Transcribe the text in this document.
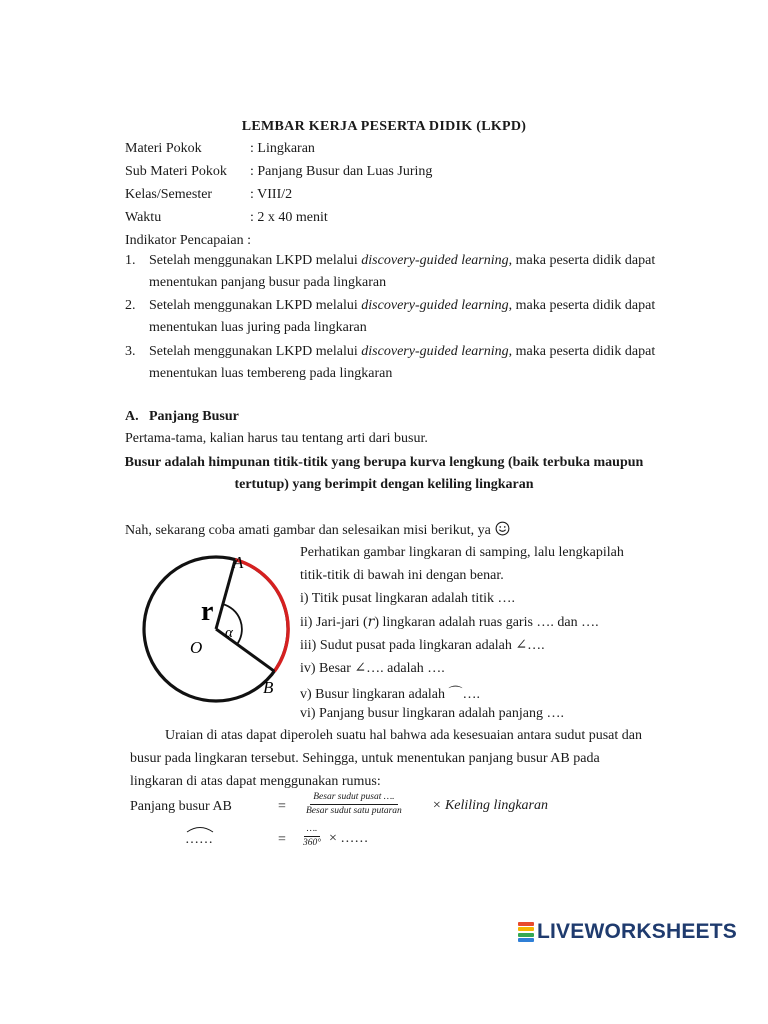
LEMBAR KERJA PESERTA DIDIK (LKPD)
Materi Pokok	: Lingkaran
Sub Materi Pokok : Panjang Busur dan Luas Juring
Kelas/Semester	: VIII/2
Waktu	: 2 x 40 menit
Indikator Pencapaian :
1. Setelah menggunakan LKPD melalui discovery-guided learning, maka peserta didik dapat
menentukan panjang busur pada lingkaran
2. Setelah menggunakan LKPD melalui discovery-guided learning, maka peserta didik dapat
menentukan luas juring pada lingkaran
3. Setelah menggunakan LKPD melalui discovery-guided learning, maka peserta didik dapat
menentukan luas tembereng pada lingkaran
A. Panjang Busur
Pertama-tama, kalian harus tau tentang arti dari busur.
Busur adalah himpunan titik-titik yang berupa kurva lengkung (baik terbuka maupun
tertutup) yang berimpit dengan keliling lingkaran
Nah, sekarang coba amati gambar dan selesaikan misi berikut, ya
A
B
O
r
α
Perhatikan gambar lingkaran di samping, lalu lengkapilah
titik-titik di bawah ini dengan benar.
i) Titik pusat lingkaran adalah titik ….
ii) Jari-jari (𝑟) lingkaran adalah ruas garis …. dan ….
iii) Sudut pusat pada lingkaran adalah ∠….
iv) Besar ∠…. adalah ….
v) Busur lingkaran adalah ⌒….
vi) Panjang busur lingkaran adalah panjang ….
Uraian di atas dapat diperoleh suatu hal bahwa ada kesesuaian antara sudut pusat dan
busur pada lingkaran tersebut. Sehingga, untuk menentukan panjang busur AB pada
lingkaran di atas dapat menggunakan rumus:
Panjang busur AB	= $\frac{\text{Besar sudut pusat ….}}{\text{Besar sudut satu putaran}}$ × Keliling lingkaran
……	= $\frac{\dots.}{360^\circ}$ × ……
LIVEWORKSHEETS
